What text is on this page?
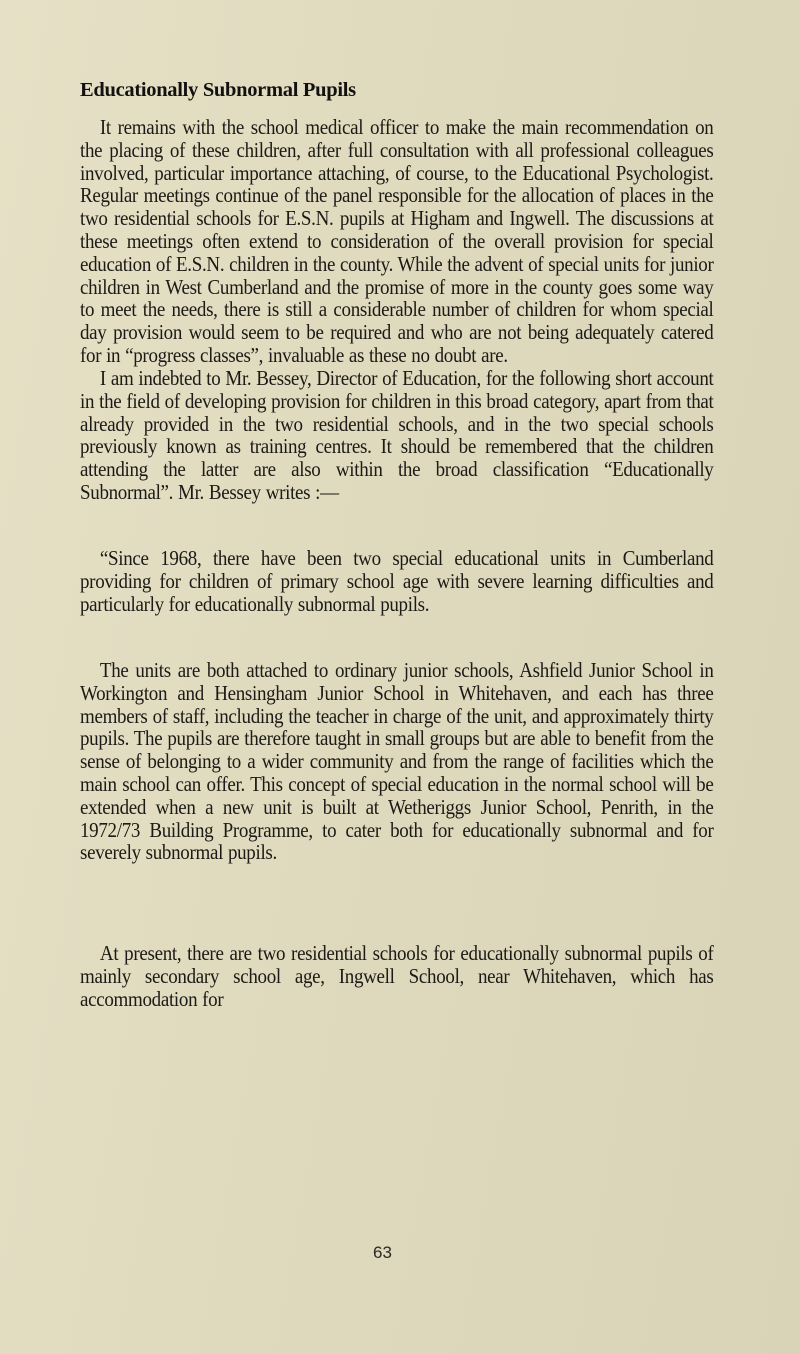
Educationally Subnormal Pupils

It remains with the school medical officer to make the main recommendation on the placing of these children, after full consultation with all professional colleagues involved, particular importance attaching, of course, to the Educational Psychologist. Regular meetings continue of the panel responsible for the allocation of places in the two residential schools for E.S.N. pupils at Higham and Ingwell. The discussions at these meetings often extend to consideration of the overall provision for special education of E.S.N. children in the county. While the advent of special units for junior children in West Cumberland and the promise of more in the county goes some way to meet the needs, there is still a considerable number of children for whom special day provision would seem to be required and who are not being adequately catered for in “progress classes”, invaluable as these no doubt are.

I am indebted to Mr. Bessey, Director of Education, for the following short account in the field of developing provision for children in this broad category, apart from that already provided in the two residential schools, and in the two special schools previously known as training centres. It should be remembered that the children attending the latter are also within the broad classification “Educationally Subnormal”. Mr. Bessey writes :—

“Since 1968, there have been two special educational units in Cumberland providing for children of primary school age with severe learning difficulties and particularly for educationally subnormal pupils.

The units are both attached to ordinary junior schools, Ashfield Junior School in Workington and Hensingham Junior School in Whitehaven, and each has three members of staff, including the teacher in charge of the unit, and approximately thirty pupils. The pupils are therefore taught in small groups but are able to benefit from the sense of belonging to a wider community and from the range of facilities which the main school can offer. This concept of special education in the normal school will be extended when a new unit is built at Wetheriggs Junior School, Penrith, in the 1972/73 Building Programme, to cater both for educationally subnormal and for severely subnormal pupils.

At present, there are two residential schools for educationally subnormal pupils of mainly secondary school age, Ingwell School, near Whitehaven, which has accommodation for

63
